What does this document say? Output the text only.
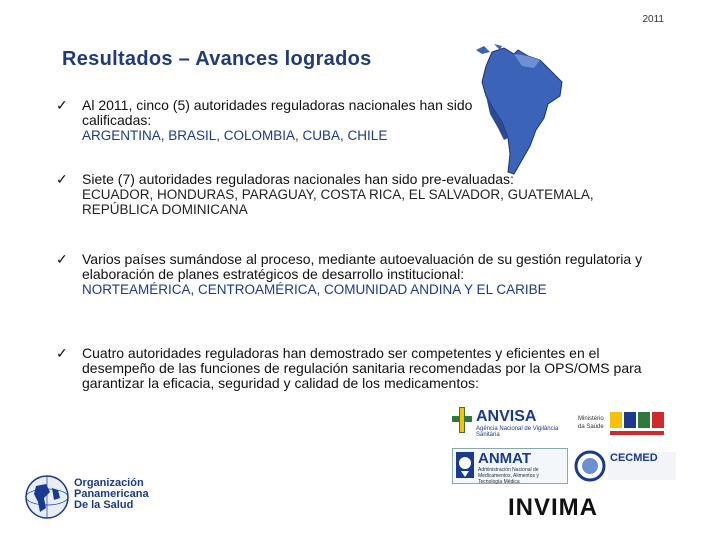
2011
Resultados – Avances logrados
✓ Al 2011, cinco (5) autoridades reguladoras nacionales han sido calificadas:
ARGENTINA, BRASIL, COLOMBIA, CUBA, CHILE
✓ Siete (7) autoridades reguladoras nacionales han sido pre-evaluadas:
ECUADOR, HONDURAS, PARAGUAY, COSTA RICA, EL SALVADOR, GUATEMALA, REPÚBLICA DOMINICANA
✓ Varios países sumándose al proceso, mediante autoevaluación de su gestión regulatoria y elaboración de planes estratégicos de desarrollo institucional:
NORTEAMÉRICA, CENTROAMÉRICA, COMUNIDAD ANDINA Y EL CARIBE
✓ Cuatro autoridades reguladoras han demostrado ser competentes y eficientes en el desempeño de las funciones de regulación sanitaria recomendadas por la OPS/OMS para garantizar la eficacia, seguridad y calidad de los medicamentos:
Organización
Panamericana
De la Salud
ANVISA
Agência Nacional de Vigilância Sanitária
Ministério
da Saúde
ANMAT
Administración Nacional de Medicamentos, Alimentos y Tecnología Médica
CECMED
INVIMA
